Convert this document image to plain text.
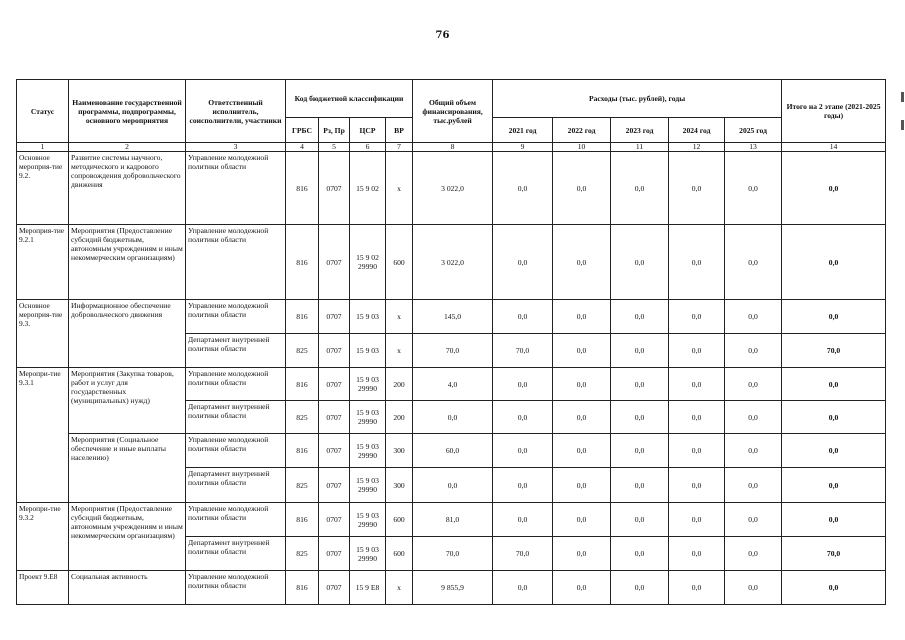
76
Статус	Наименование государственной программы, подпрограммы, основного мероприятия	Ответственный исполнитель, соисполнители, участники	Код бюджетной классификации				Общий объем финансирования, тыс.рублей	Расходы (тыс. рублей), годы					Итого на 2 этапе (2021-2025 годы)
			ГРБС	Рз, Пр	ЦСР	ВР		2021 год	2022 год	2023 год	2024 год	2025 год	
1	2	3	4	5	6	7	8	9	10	11	12	13	14
Основное мероприя-тие 9.2.	Развитие системы научного, методического и кадрового сопровождения добровольческого движения	Управление молодежной политики области	816	0707	15 9 02	х	3 022,0	0,0	0,0	0,0	0,0	0,0	0,0
Мероприя-тие 9.2.1	Мероприятия (Предоставление субсидий бюджетным, автономным учреждениям и иным некоммерческим организациям)	Управление молодежной политики области	816	0707	15 9 02 29990	600	3 022,0	0,0	0,0	0,0	0,0	0,0	0,0
Основное мероприя-тие 9.3.	Информационное обеспечение добровольческого движения	Управление молодежной политики области	816	0707	15 9 03	х	145,0	0,0	0,0	0,0	0,0	0,0	0,0
		Департамент внутренней политики области	825	0707	15 9 03	х	70,0	70,0	0,0	0,0	0,0	0,0	70,0
Меропри-тие 9.3.1	Мероприятия (Закупка товаров, работ и услуг для государственных (муниципальных) нужд)	Управление молодежной политики области	816	0707	15 9 03 29990	200	4,0	0,0	0,0	0,0	0,0	0,0	0,0
		Департамент внутренней политики области	825	0707	15 9 03 29990	200	0,0	0,0	0,0	0,0	0,0	0,0	0,0
	Мероприятия (Социальное обеспечение и иные выплаты населению)	Управление молодежной политики области	816	0707	15 9 03 29990	300	60,0	0,0	0,0	0,0	0,0	0,0	0,0
		Департамент внутренней политики области	825	0707	15 9 03 29990	300	0,0	0,0	0,0	0,0	0,0	0,0	0,0
Меропри-тие 9.3.2	Мероприятия (Предоставление субсидий бюджетным, автономным учреждениям и иным некоммерческим организациям)	Управление молодежной политики области	816	0707	15 9 03 29990	600	81,0	0,0	0,0	0,0	0,0	0,0	0,0
		Департамент внутренней политики области	825	0707	15 9 03 29990	600	70,0	70,0	0,0	0,0	0,0	0,0	70,0
Проект 9.Е8	Социальная активность	Управление молодежной политики области	816	0707	15 9 Е8	х	9 855,9	0,0	0,0	0,0	0,0	0,0	0,0
